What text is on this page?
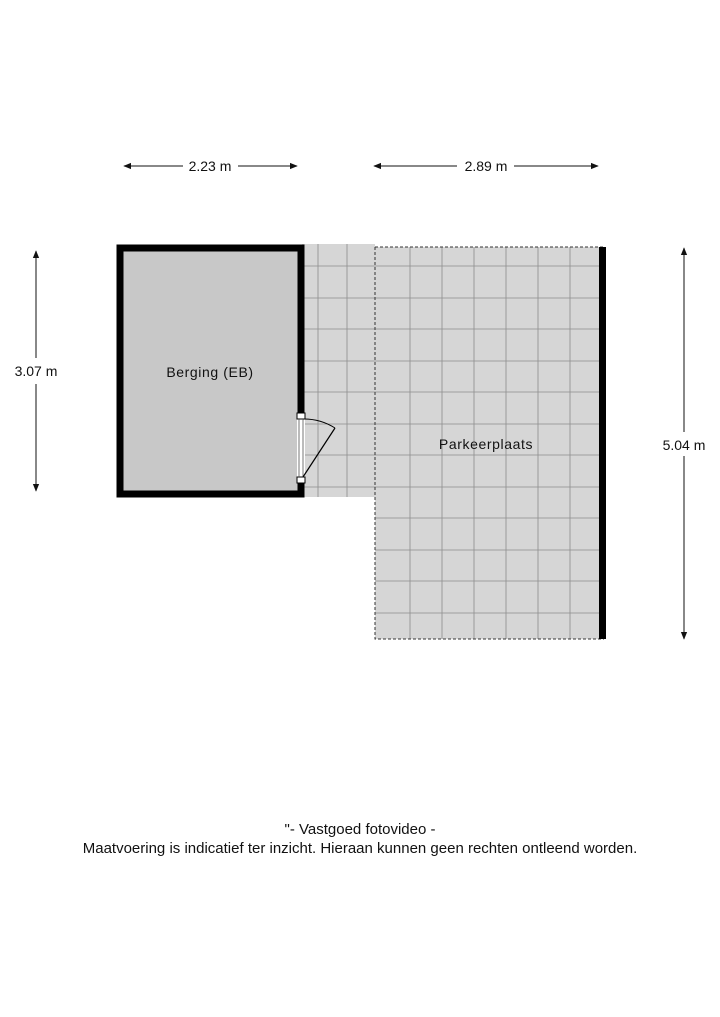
2.23 m	2.89 m
3.07 m
5.04 m
Berging (EB)
Parkeerplaats
"- Vastgoed fotovideo -
Maatvoering is indicatief ter inzicht. Hieraan kunnen geen rechten ontleend worden.
